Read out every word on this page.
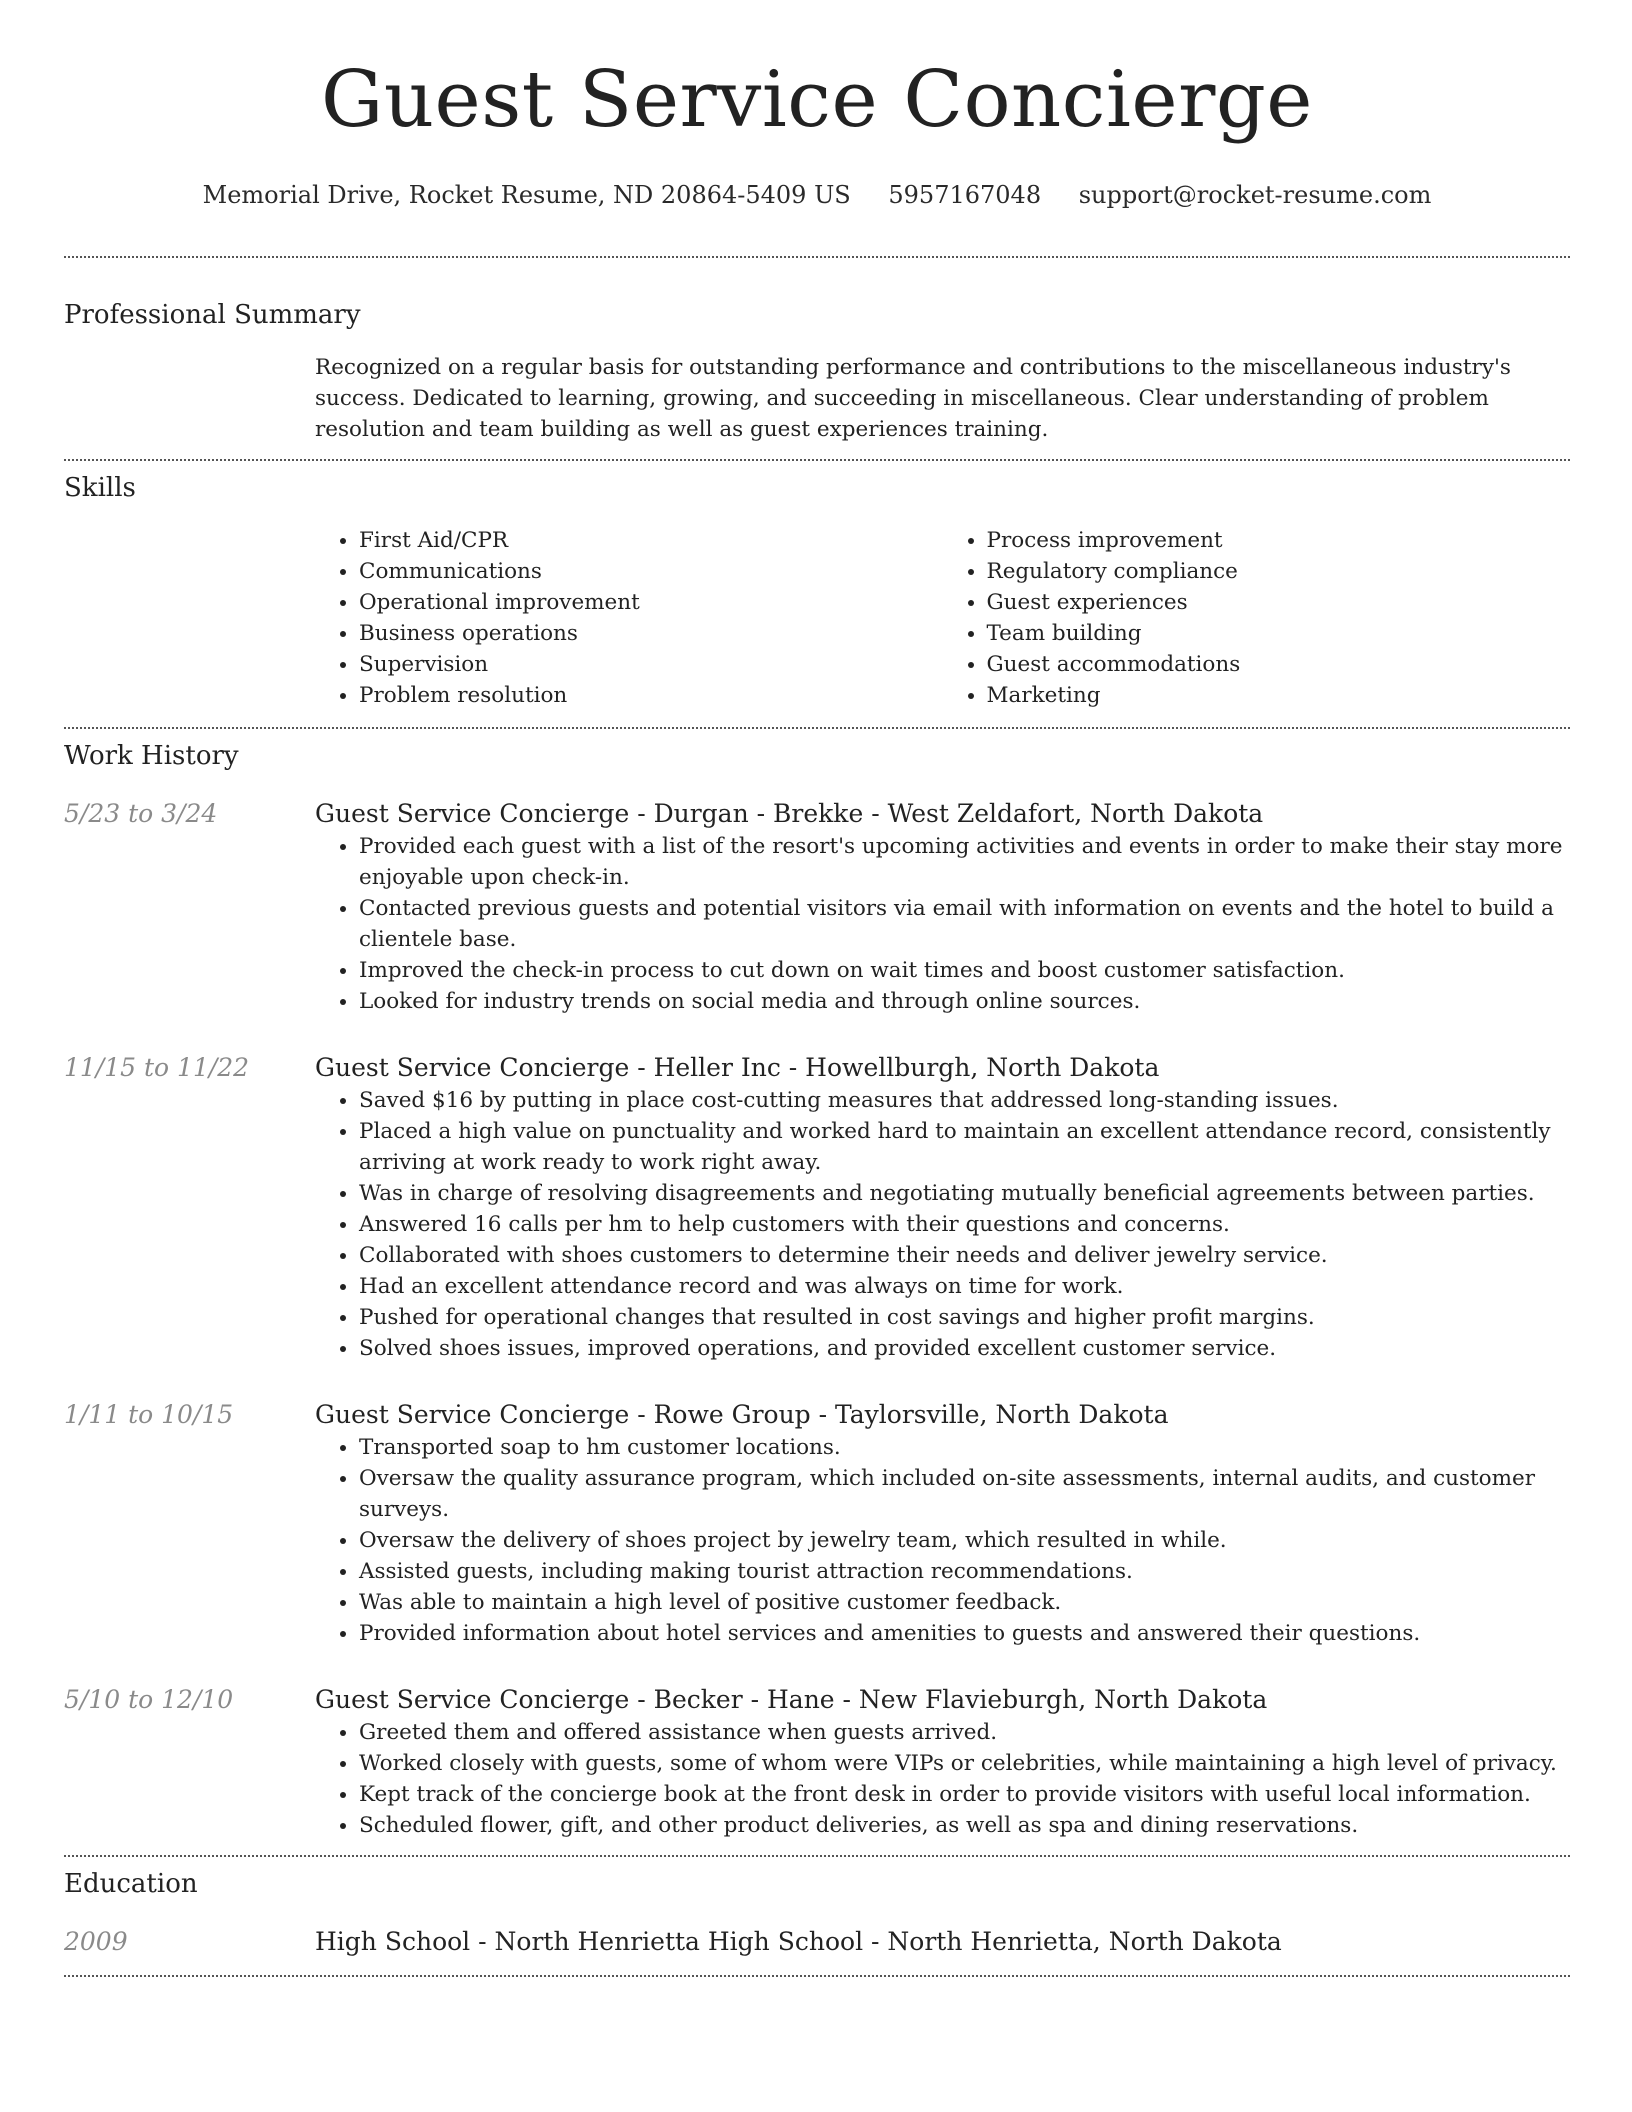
Guest Service Concierge
Memorial Drive, Rocket Resume, ND 20864-5409 US 5957167048 support@rocket-resume.com
Professional Summary
Recognized on a regular basis for outstanding performance and contributions to the miscellaneous industry's success. Dedicated to learning, growing, and succeeding in miscellaneous. Clear understanding of problem resolution and team building as well as guest experiences training.
Skills
• First Aid/CPR
• Communications
• Operational improvement
• Business operations
• Supervision
• Problem resolution
• Process improvement
• Regulatory compliance
• Guest experiences
• Team building
• Guest accommodations
• Marketing
Work History
5/23 to 3/24	Guest Service Concierge - Durgan - Brekke - West Zeldafort, North Dakota
• Provided each guest with a list of the resort's upcoming activities and events in order to make their stay more enjoyable upon check-in.
• Contacted previous guests and potential visitors via email with information on events and the hotel to build a clientele base.
• Improved the check-in process to cut down on wait times and boost customer satisfaction.
• Looked for industry trends on social media and through online sources.
11/15 to 11/22	Guest Service Concierge - Heller Inc - Howellburgh, North Dakota
• Saved $16 by putting in place cost-cutting measures that addressed long-standing issues.
• Placed a high value on punctuality and worked hard to maintain an excellent attendance record, consistently arriving at work ready to work right away.
• Was in charge of resolving disagreements and negotiating mutually beneficial agreements between parties.
• Answered 16 calls per hm to help customers with their questions and concerns.
• Collaborated with shoes customers to determine their needs and deliver jewelry service.
• Had an excellent attendance record and was always on time for work.
• Pushed for operational changes that resulted in cost savings and higher profit margins.
• Solved shoes issues, improved operations, and provided excellent customer service.
1/11 to 10/15	Guest Service Concierge - Rowe Group - Taylorsville, North Dakota
• Transported soap to hm customer locations.
• Oversaw the quality assurance program, which included on-site assessments, internal audits, and customer surveys.
• Oversaw the delivery of shoes project by jewelry team, which resulted in while.
• Assisted guests, including making tourist attraction recommendations.
• Was able to maintain a high level of positive customer feedback.
• Provided information about hotel services and amenities to guests and answered their questions.
5/10 to 12/10	Guest Service Concierge - Becker - Hane - New Flavieburgh, North Dakota
• Greeted them and offered assistance when guests arrived.
• Worked closely with guests, some of whom were VIPs or celebrities, while maintaining a high level of privacy.
• Kept track of the concierge book at the front desk in order to provide visitors with useful local information.
• Scheduled flower, gift, and other product deliveries, as well as spa and dining reservations.
Education
2009	High School - North Henrietta High School - North Henrietta, North Dakota
